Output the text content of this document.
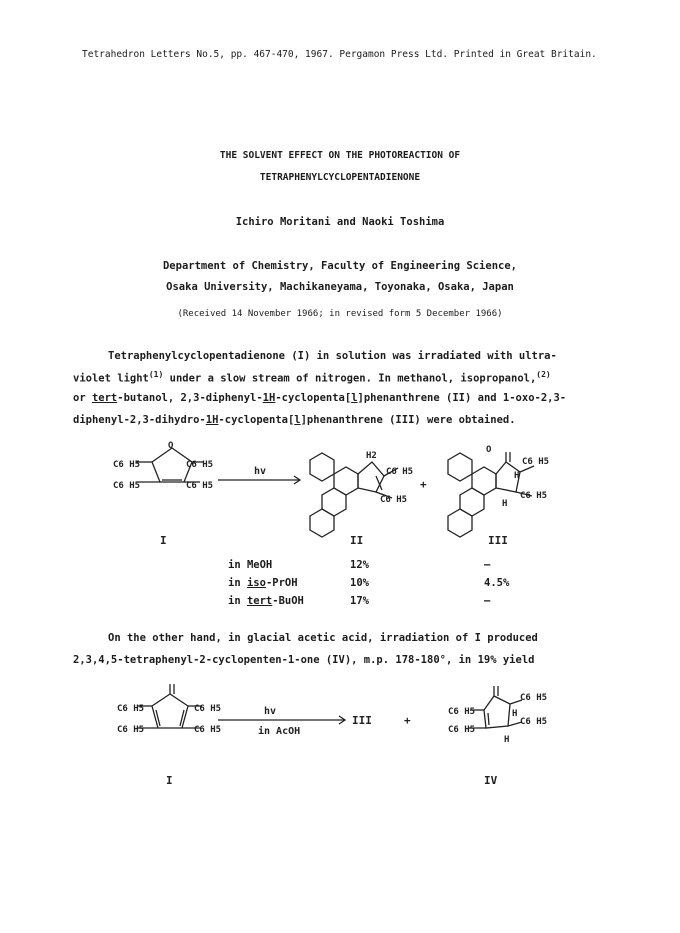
Tetrahedron Letters No.5, pp. 467-470, 1967. Pergamon Press Ltd. Printed in Great Britain.
THE SOLVENT EFFECT ON THE PHOTOREACTION OF
TETRAPHENYLCYCLOPENTADIENONE
Ichiro Moritani and Naoki Toshima
Department of Chemistry, Faculty of Engineering Science,
Osaka University, Machikaneyama, Toyonaka, Osaka, Japan
(Received 14 November 1966; in revised form 5 December 1966)
Tetraphenylcyclopentadienone (I) in solution was irradiated with ultra-
violet light$^{(1)}$ under a slow stream of nitrogen. In methanol, isopropanol,$^{(2)}$
or tert-butanol, 2,3-diphenyl-1H-cyclopenta[l]phenanthrene (II) and 1-oxo-2,3-
diphenyl-2,3-dihydro-1H-cyclopenta[l]phenanthrene (III) were obtained.
C6 H5
C6 H5
C6 H5
C6 H5
O
hv
H2
C6 H5
C6 H5
+
O
C6 H5
H
C6 H5
H
I	II	III
in MeOH	12%	–
in iso-PrOH	10%	4.5%
in tert-BuOH	17%	–
On the other hand, in glacial acetic acid, irradiation of I produced
2,3,4,5-tetraphenyl-2-cyclopenten-1-one (IV), m.p. 178-180°, in 19% yield
C6 H5
C6 H5
hv
in AcOH
III	+
H
C6 H5
C6 H5
C6 H5
C6 H5
C6 H5
H
C6 H5
I	IV
